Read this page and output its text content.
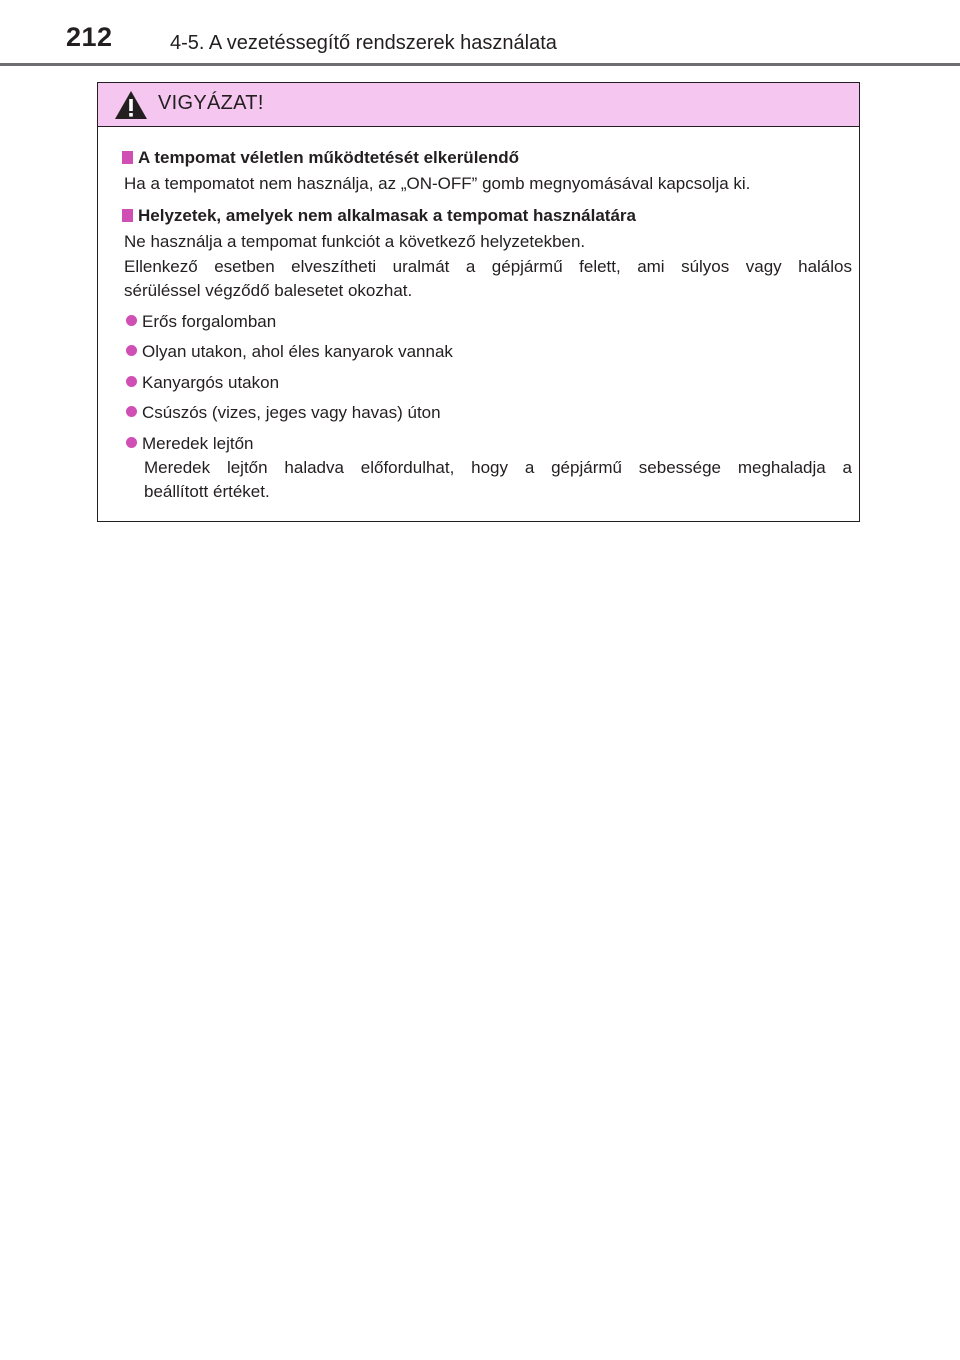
212	4-5. A vezetéssegítő rendszerek használata
VIGYÁZAT!
A tempomat véletlen működtetését elkerülendő
Ha a tempomatot nem használja, az „ON-OFF” gomb megnyomásával kapcsolja ki.
Helyzetek, amelyek nem alkalmasak a tempomat használatára
Ne használja a tempomat funkciót a következő helyzetekben.
Ellenkező esetben elveszítheti uralmát a gépjármű felett, ami súlyos vagy halálos
sérüléssel végződő balesetet okozhat.
Erős forgalomban
Olyan utakon, ahol éles kanyarok vannak
Kanyargós utakon
Csúszós (vizes, jeges vagy havas) úton
Meredek lejtőn
Meredek lejtőn haladva előfordulhat, hogy a gépjármű sebessége meghaladja a
beállított értéket.
